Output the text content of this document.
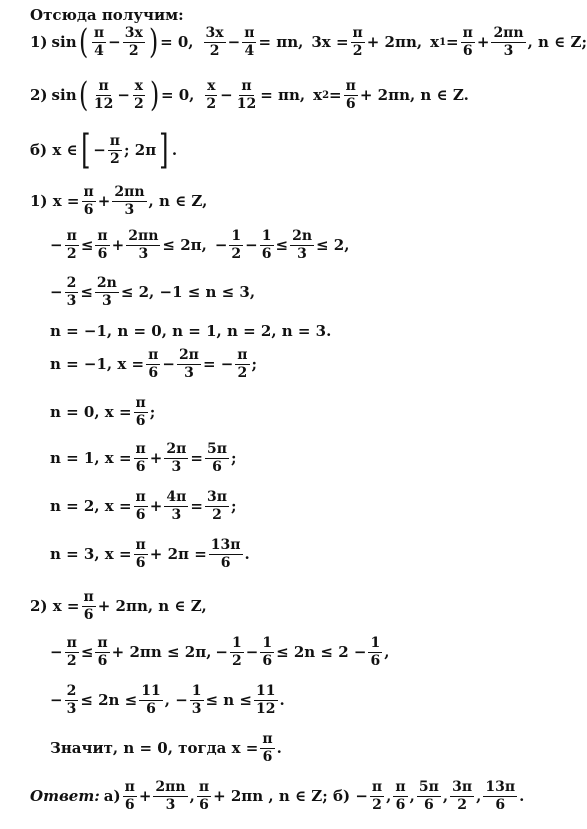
Отсюда получим:
1) sin ( $\frac{\pi}{4} - \frac{3x}{2}$ ) = 0, $\frac{3x}{2} - \frac{\pi}{4} = \pi n$, $3x = \frac{\pi}{2} + 2\pi n$, x $1 = \frac{\pi}{6} + \frac{2\pi n}{3}$ , n ∈ Z;
2) sin ( $\frac{\pi}{12} - \frac{x}{2}$ ) = 0, $\frac{x}{2} - \frac{\pi}{12} = \pi n$, x $2 = \frac{\pi}{6} + 2\pi n$, n ∈ Z.
б) x ∈ [ − $\frac{\pi}{2}$ ; 2π ] .
1) $x = \frac{\pi}{6} + \frac{2\pi n}{3}$ , n ∈ Z,
− $\frac{\pi}{2} \le \frac{\pi}{6} + \frac{2\pi n}{3} \le 2\pi$, − $\frac{1}{2} - \frac{1}{6} \le \frac{2n}{3} \le 2$,
− $\frac{2}{3} \le \frac{2n}{3} \le 2$, −1 ≤ n ≤ 3,
n = −1, n = 0, n = 1, n = 2, n = 3.
n = −1, $x = \frac{\pi}{6} - \frac{2\pi}{3}$ = − $\frac{\pi}{2}$ ;
n = 0, $x = \frac{\pi}{6}$ ;
n = 1, $x = \frac{\pi}{6} + \frac{2\pi}{3} = \frac{5\pi}{6}$ ;
n = 2, $x = \frac{\pi}{6} + \frac{4\pi}{3} = \frac{3\pi}{2}$ ;
n = 3, $x = \frac{\pi}{6} + 2\pi = \frac{13\pi}{6}$ .
2) $x = \frac{\pi}{6} + 2\pi n$, n ∈ Z,
− $\frac{\pi}{2} \le \frac{\pi}{6} + 2\pi n \le 2\pi$, − $\frac{1}{2} - \frac{1}{6} \le 2n \le 2 - \frac{1}{6}$ ,
− $\frac{2}{3} \le 2n \le \frac{11}{6}$ , − $\frac{1}{3} \le n \le \frac{11}{12}$ .
Значит, n = 0, тогда $x = \frac{\pi}{6}$ .
Ответ: $а) \frac{\pi}{6} + \frac{2\pi n}{3}$ , $\frac{\pi}{6} + 2\pi n$ , n ∈ Z; $б) - \frac{\pi}{2}$ , $\frac{\pi}{6}$ , $\frac{5\pi}{6}$ , $\frac{3\pi}{2}$ , $\frac{13\pi}{6}$ .
